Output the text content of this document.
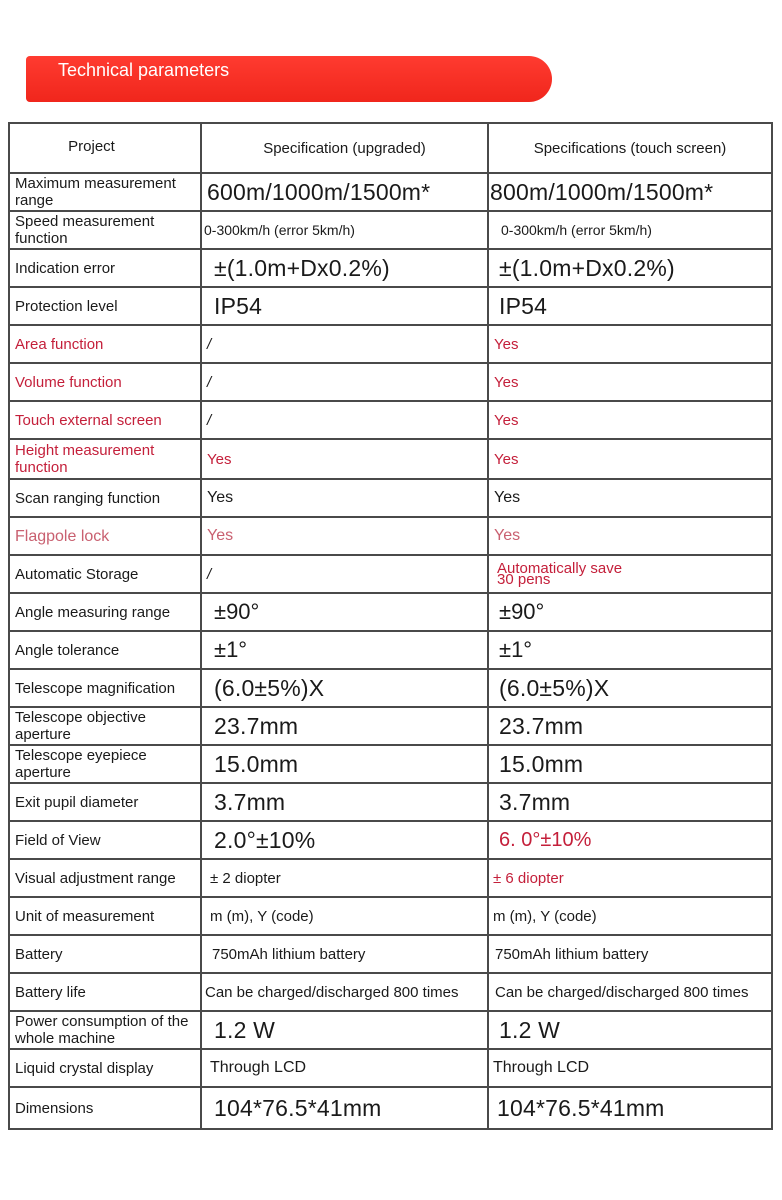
Technical parameters
Project	Specification (upgraded)	Specifications (touch screen)
Maximum measurement range	600m/1000m/1500m*	800m/1000m/1500m*
Speed measurement function	0-300km/h (error 5km/h)	0-300km/h (error 5km/h)
Indication error	±(1.0m+Dx0.2%)	±(1.0m+Dx0.2%)
Protection level	IP54	IP54
Area function	/	Yes
Volume function	/	Yes
Touch external screen	/	Yes
Height measurement function	Yes	Yes
Scan ranging function	Yes	Yes
Flagpole lock	Yes	Yes
Automatic Storage	/	Automatically save 30 pens
Angle measuring range	±90°	±90°
Angle tolerance	±1°	±1°
Telescope magnification	(6.0±5%)X	(6.0±5%)X
Telescope objective aperture	23.7mm	23.7mm
Telescope eyepiece aperture	15.0mm	15.0mm
Exit pupil diameter	3.7mm	3.7mm
Field of View	2.0°±10%	6. 0°±10%
Visual adjustment range	± 2 diopter	± 6 diopter
Unit of measurement	m (m), Y (code)	m (m), Y (code)
Battery	750mAh lithium battery	750mAh lithium battery
Battery life	Can be charged/discharged 800 times	Can be charged/discharged 800 times
Power consumption of the whole machine	1.2 W	1.2 W
Liquid crystal display	Through LCD	Through LCD
Dimensions	104*76.5*41mm	104*76.5*41mm
